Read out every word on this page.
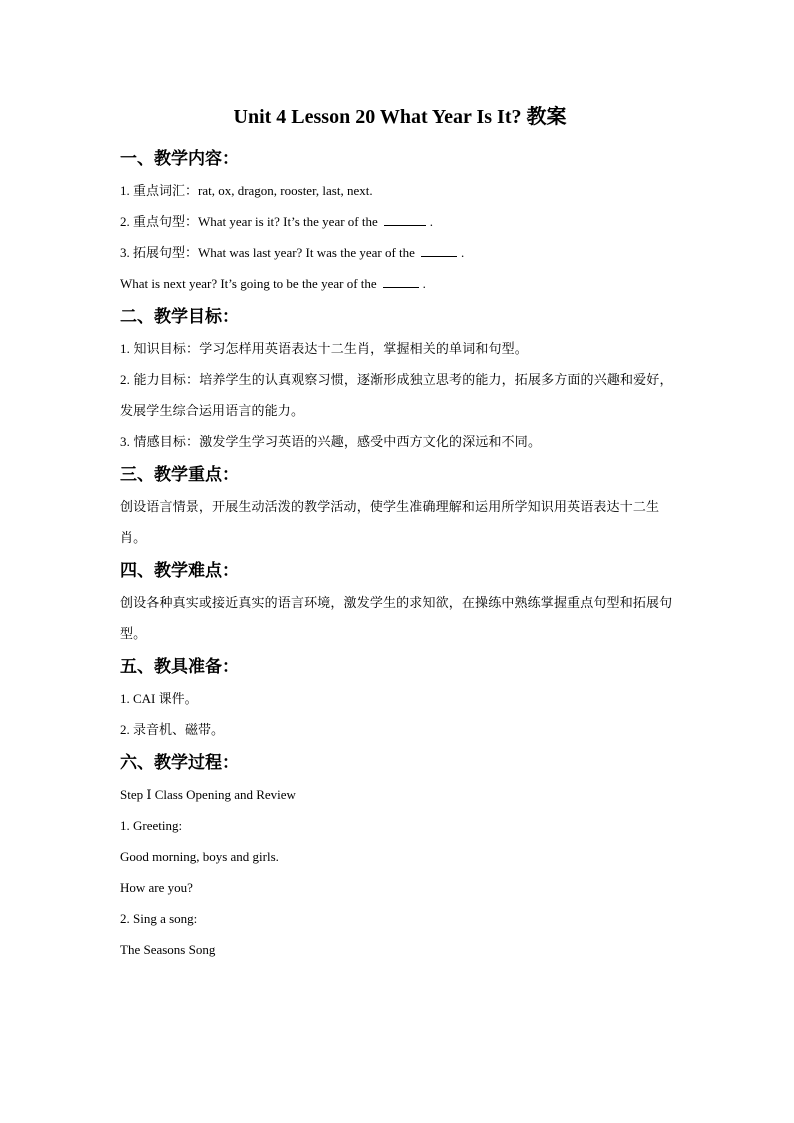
Unit 4 Lesson 20 What Year Is It? 教案
一、教学内容：
1. 重点词汇：rat, ox, dragon, rooster, last, next.
2. 重点句型：What year is it? It’s the year of the	.
3. 拓展句型：What was last year? It was the year of the	.
What is next year? It’s going to be the year of the	.
二、教学目标：
1. 知识目标：学习怎样用英语表达十二生肖，掌握相关的单词和句型。
2. 能力目标：培养学生的认真观察习惯，逐渐形成独立思考的能力，拓展多方面的兴趣和爱好，发展学生综合运用语言的能力。
3. 情感目标：激发学生学习英语的兴趣，感受中西方文化的深远和不同。
三、教学重点：
创设语言情景，开展生动活泼的教学活动，使学生准确理解和运用所学知识用英语表达十二生肖。
四、教学难点：
创设各种真实或接近真实的语言环境，激发学生的求知欲，在操练中熟练掌握重点句型和拓展句型。
五、教具准备：
1. CAI 课件。
2. 录音机、磁带。
六、教学过程：
Step Ⅰ Class Opening and Review
1. Greeting:
Good morning, boys and girls.
How are you?
2. Sing a song:
The Seasons Song
